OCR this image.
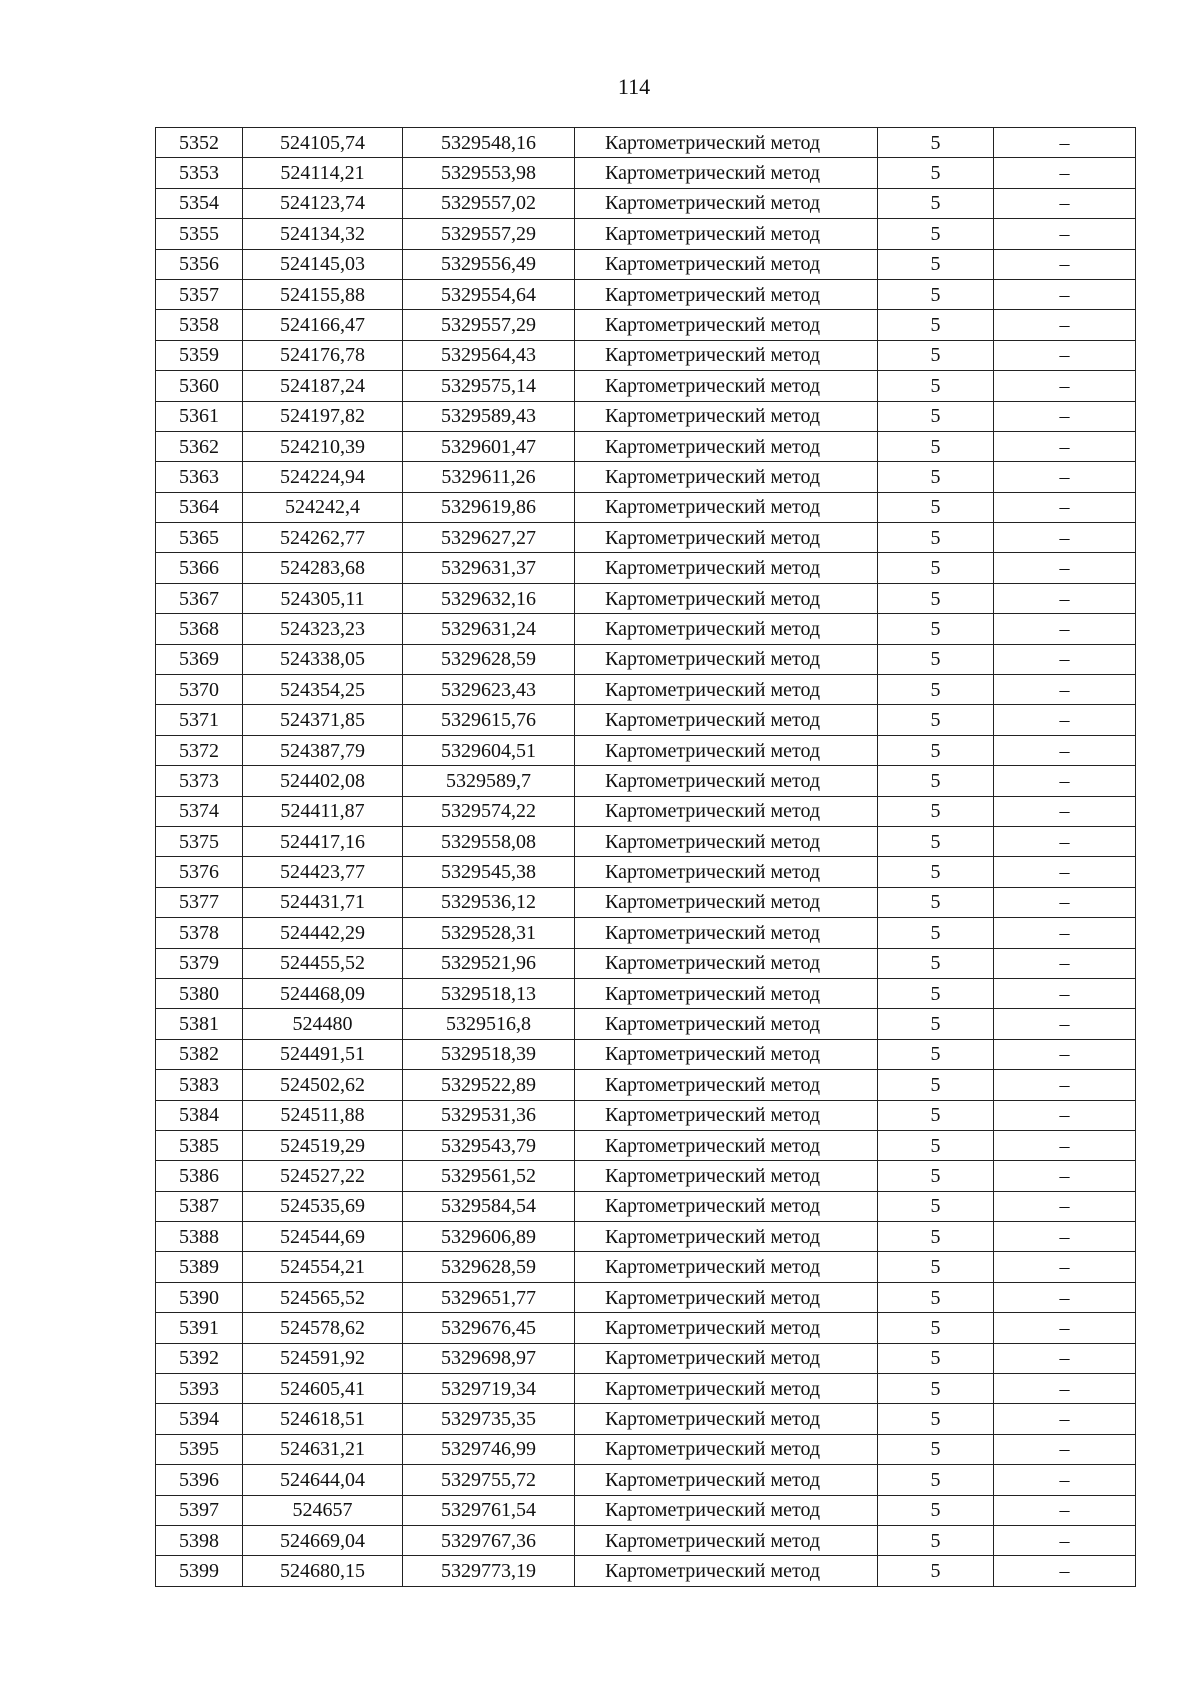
114
5352	524105,74	5329548,16	Картометрический метод	5	–
5353	524114,21	5329553,98	Картометрический метод	5	–
5354	524123,74	5329557,02	Картометрический метод	5	–
5355	524134,32	5329557,29	Картометрический метод	5	–
5356	524145,03	5329556,49	Картометрический метод	5	–
5357	524155,88	5329554,64	Картометрический метод	5	–
5358	524166,47	5329557,29	Картометрический метод	5	–
5359	524176,78	5329564,43	Картометрический метод	5	–
5360	524187,24	5329575,14	Картометрический метод	5	–
5361	524197,82	5329589,43	Картометрический метод	5	–
5362	524210,39	5329601,47	Картометрический метод	5	–
5363	524224,94	5329611,26	Картометрический метод	5	–
5364	524242,4	5329619,86	Картометрический метод	5	–
5365	524262,77	5329627,27	Картометрический метод	5	–
5366	524283,68	5329631,37	Картометрический метод	5	–
5367	524305,11	5329632,16	Картометрический метод	5	–
5368	524323,23	5329631,24	Картометрический метод	5	–
5369	524338,05	5329628,59	Картометрический метод	5	–
5370	524354,25	5329623,43	Картометрический метод	5	–
5371	524371,85	5329615,76	Картометрический метод	5	–
5372	524387,79	5329604,51	Картометрический метод	5	–
5373	524402,08	5329589,7	Картометрический метод	5	–
5374	524411,87	5329574,22	Картометрический метод	5	–
5375	524417,16	5329558,08	Картометрический метод	5	–
5376	524423,77	5329545,38	Картометрический метод	5	–
5377	524431,71	5329536,12	Картометрический метод	5	–
5378	524442,29	5329528,31	Картометрический метод	5	–
5379	524455,52	5329521,96	Картометрический метод	5	–
5380	524468,09	5329518,13	Картометрический метод	5	–
5381	524480	5329516,8	Картометрический метод	5	–
5382	524491,51	5329518,39	Картометрический метод	5	–
5383	524502,62	5329522,89	Картометрический метод	5	–
5384	524511,88	5329531,36	Картометрический метод	5	–
5385	524519,29	5329543,79	Картометрический метод	5	–
5386	524527,22	5329561,52	Картометрический метод	5	–
5387	524535,69	5329584,54	Картометрический метод	5	–
5388	524544,69	5329606,89	Картометрический метод	5	–
5389	524554,21	5329628,59	Картометрический метод	5	–
5390	524565,52	5329651,77	Картометрический метод	5	–
5391	524578,62	5329676,45	Картометрический метод	5	–
5392	524591,92	5329698,97	Картометрический метод	5	–
5393	524605,41	5329719,34	Картометрический метод	5	–
5394	524618,51	5329735,35	Картометрический метод	5	–
5395	524631,21	5329746,99	Картометрический метод	5	–
5396	524644,04	5329755,72	Картометрический метод	5	–
5397	524657	5329761,54	Картометрический метод	5	–
5398	524669,04	5329767,36	Картометрический метод	5	–
5399	524680,15	5329773,19	Картометрический метод	5	–
